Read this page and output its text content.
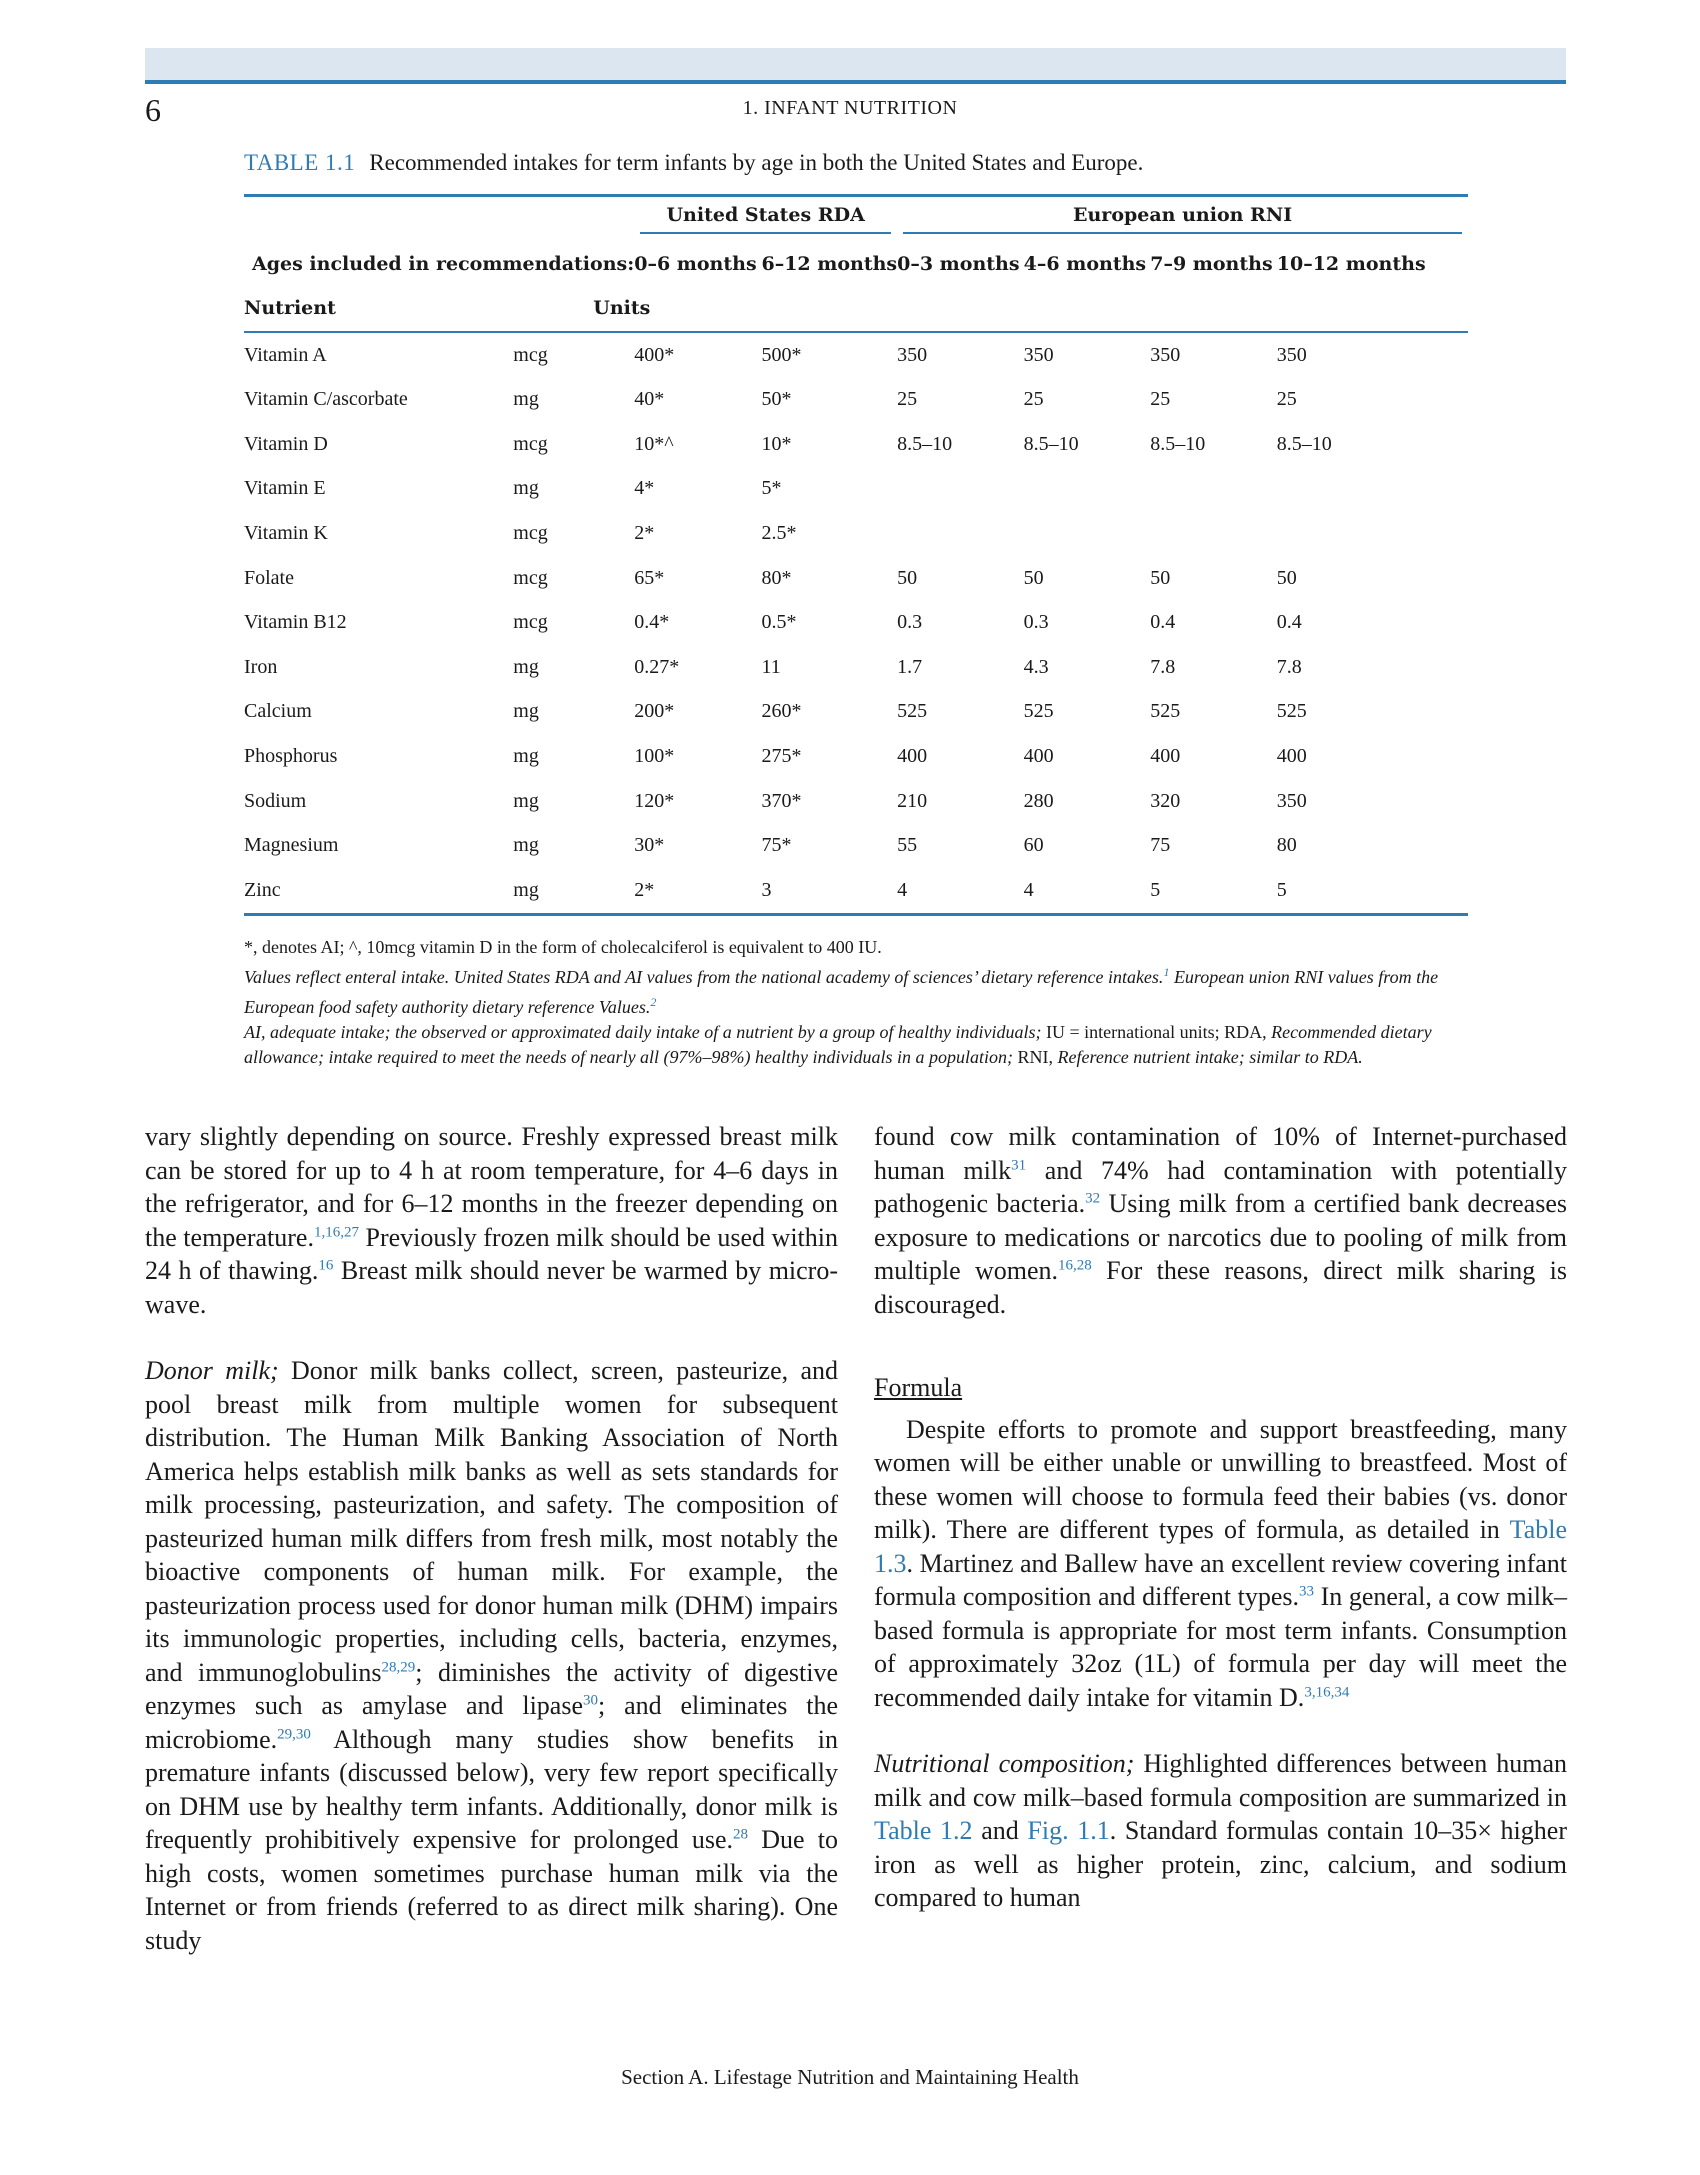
6	1. INFANT NUTRITION
TABLE 1.1 Recommended intakes for term infants by age in both the United States and Europe.

		United States RDA		European union RNI			

Ages included in recommendations:		0–6 months	6–12 months	0–3 months	4–6 months	7–9 months	10–12 months
Nutrient	Units						
Vitamin A	mcg	400*	500*	350	350	350	350
Vitamin C/ascorbate	mg	40*	50*	25	25	25	25
Vitamin D	mcg	10*^	10*	8.5–10	8.5–10	8.5–10	8.5–10
Vitamin E	mg	4*	5*				
Vitamin K	mcg	2*	2.5*				
Folate	mcg	65*	80*	50	50	50	50
Vitamin B12	mcg	0.4*	0.5*	0.3	0.3	0.4	0.4
Iron	mg	0.27*	11	1.7	4.3	7.8	7.8
Calcium	mg	200*	260*	525	525	525	525
Phosphorus	mg	100*	275*	400	400	400	400
Sodium	mg	120*	370*	210	280	320	350
Magnesium	mg	30*	75*	55	60	75	80
Zinc	mg	2*	3	4	4	5	5

*, denotes AI; ^, 10mcg vitamin D in the form of cholecalciferol is equivalent to 400 IU.

Values reflect enteral intake. United States RDA and AI values from the national academy of sciences’ dietary reference intakes.$^1$ European union RNI values from the European food safety authority dietary reference Values.$^2$

AI, adequate intake; the observed or approximated daily intake of a nutrient by a group of healthy individuals; IU = international units; RDA, Recommended dietary allowance; intake required to meet the needs of nearly all (97%–98%) healthy individuals in a population; RNI, Reference nutrient intake; similar to RDA.

vary slightly depending on source. Freshly expressed breast milk can be stored for up to 4 h at room temperature, for 4–6 days in the refrigerator, and for 6–12 months in the freezer depending on the temperature.$^{1,16,27}$ Previously frozen milk should be used within 24 h of thawing.$^{16}$ Breast milk should never be warmed by micro-wave.

Donor milk; Donor milk banks collect, screen, pasteurize, and pool breast milk from multiple women for subsequent distribution. The Human Milk Banking Association of North America helps establish milk banks as well as sets standards for milk processing, pasteurization, and safety. The composition of pasteurized human milk differs from fresh milk, most notably the bioactive components of human milk. For example, the pasteurization process used for donor human milk (DHM) impairs its immunologic properties, including cells, bacteria, enzymes, and immunoglobulins$^{28,29}$; diminishes the activity of digestive enzymes such as amylase and lipase$^{30}$; and eliminates the microbiome.$^{29,30}$ Although many studies show benefits in premature infants (discussed below), very few report specifically on DHM use by healthy term infants. Additionally, donor milk is frequently prohibitively expensive for prolonged use.$^{28}$ Due to high costs, women sometimes purchase human milk via the Internet or from friends (referred to as direct milk sharing). One study

found cow milk contamination of 10% of Internet-purchased human milk$^{31}$ and 74% had contamination with potentially pathogenic bacteria.$^{32}$ Using milk from a certified bank decreases exposure to medications or narcotics due to pooling of milk from multiple women.$^{16,28}$ For these reasons, direct milk sharing is discouraged.

Formula

Despite efforts to promote and support breastfeeding, many women will be either unable or unwilling to breastfeed. Most of these women will choose to formula feed their babies (vs. donor milk). There are different types of formula, as detailed in Table 1.3. Martinez and Ballew have an excellent review covering infant formula composition and different types.$^{33}$ In general, a cow milk–based formula is appropriate for most term infants. Consumption of approximately 32oz (1L) of formula per day will meet the recommended daily intake for vitamin D.$^{3,16,34}$

Nutritional composition; Highlighted differences between human milk and cow milk–based formula composition are summarized in Table 1.2 and Fig. 1.1. Standard formulas contain 10–35× higher iron as well as higher protein, zinc, calcium, and sodium compared to human

Section A. Lifestage Nutrition and Maintaining Health
